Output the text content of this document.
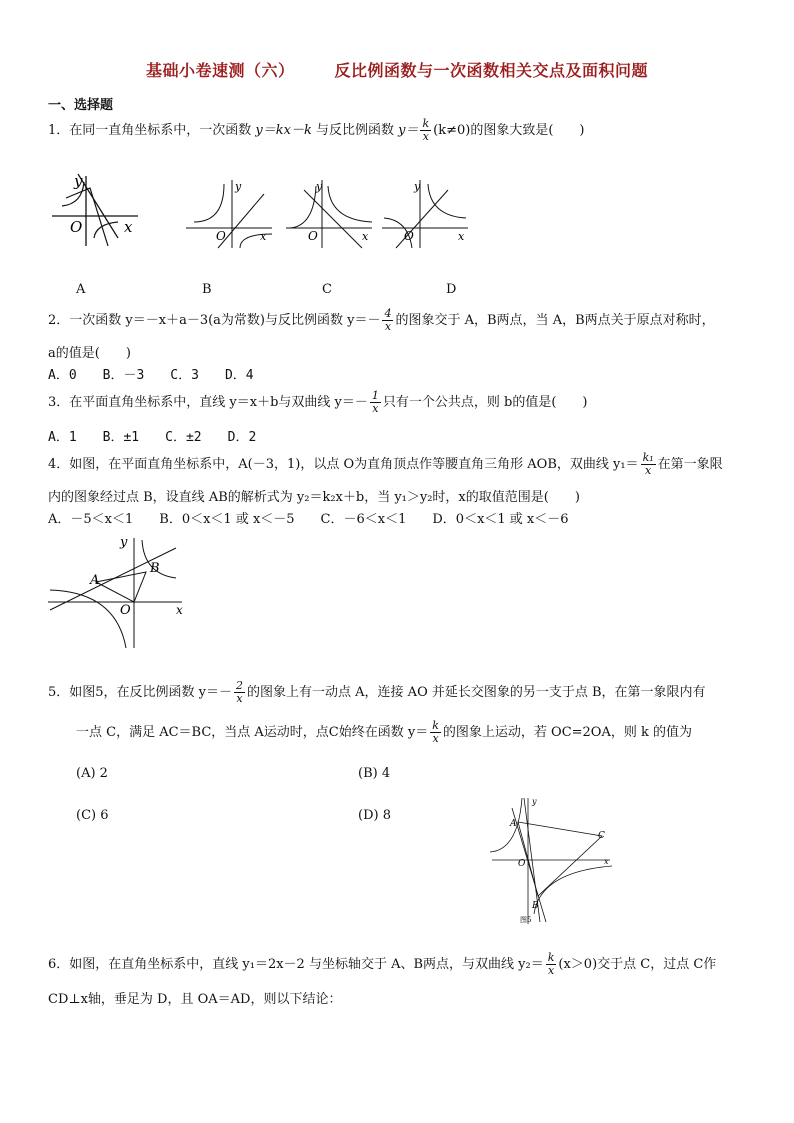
基础小卷速测（六）	反比例函数与一次函数相关交点及面积问题
一、选择题
1．在同一直角坐标系中，一次函数 y＝kx－k 与反比例函数 $y= \frac{k}{x} (k\ne 0)$的图象大致是(　　)
y
O	x
y
O	x
y
O	x
y
O	x
A	B	C	D
2．一次函数 y＝－x＋a－3(a为常数)与反比例函数 $y=- \frac{4}{x}$ 的图象交于 A，B两点，当 A，B两点关于原点对称时，
a的值是(　　)
A．0　　B．－3　　C．3　　D．4
3．在平面直角坐标系中，直线 y＝x＋b与双曲线 $y=- \frac{1}{x}$ 只有一个公共点，则 b的值是(　　)
A．1　　B．±1　　C．±2　　D．2
4．如图，在平面直角坐标系中，A(－3，1)，以点 O为直角顶点作等腰直角三角形 AOB，双曲线 $y_1= \frac{\text{k₁}}{x}$ 在第一象限
内的图象经过点 B，设直线 AB的解析式为 y₂＝k₂x＋b，当 y₁＞y₂时，x的取值范围是(　　)
A．－5＜x＜1　　B．0＜x＜1 或 x＜－5　　C．－6＜x＜1　　D．0＜x＜1 或 x＜－6
y
A
B
O	x
5．如图5，在反比例函数 $y=- \frac{2}{x}$ 的图象上有一动点 A，连接 AO 并延长交图象的另一支于点 B，在第一象限内有
一点 C，满足 AC＝BC，当点 A运动时，点C始终在函数 $y= \frac{k}{x}$ 的图象上运动，若 OC=2OA，则 k 的值为
(A) 2	(B) 4
(C) 6	(D) 8
y
A
C
O	x
B
图5
6．如图，在直角坐标系中，直线 y₁＝2x－2 与坐标轴交于 A、B两点，与双曲线 $y_2= \frac{k}{x} (x>0)$交于点 C，过点 C作
CD⊥x轴，垂足为 D，且 OA＝AD，则以下结论：
